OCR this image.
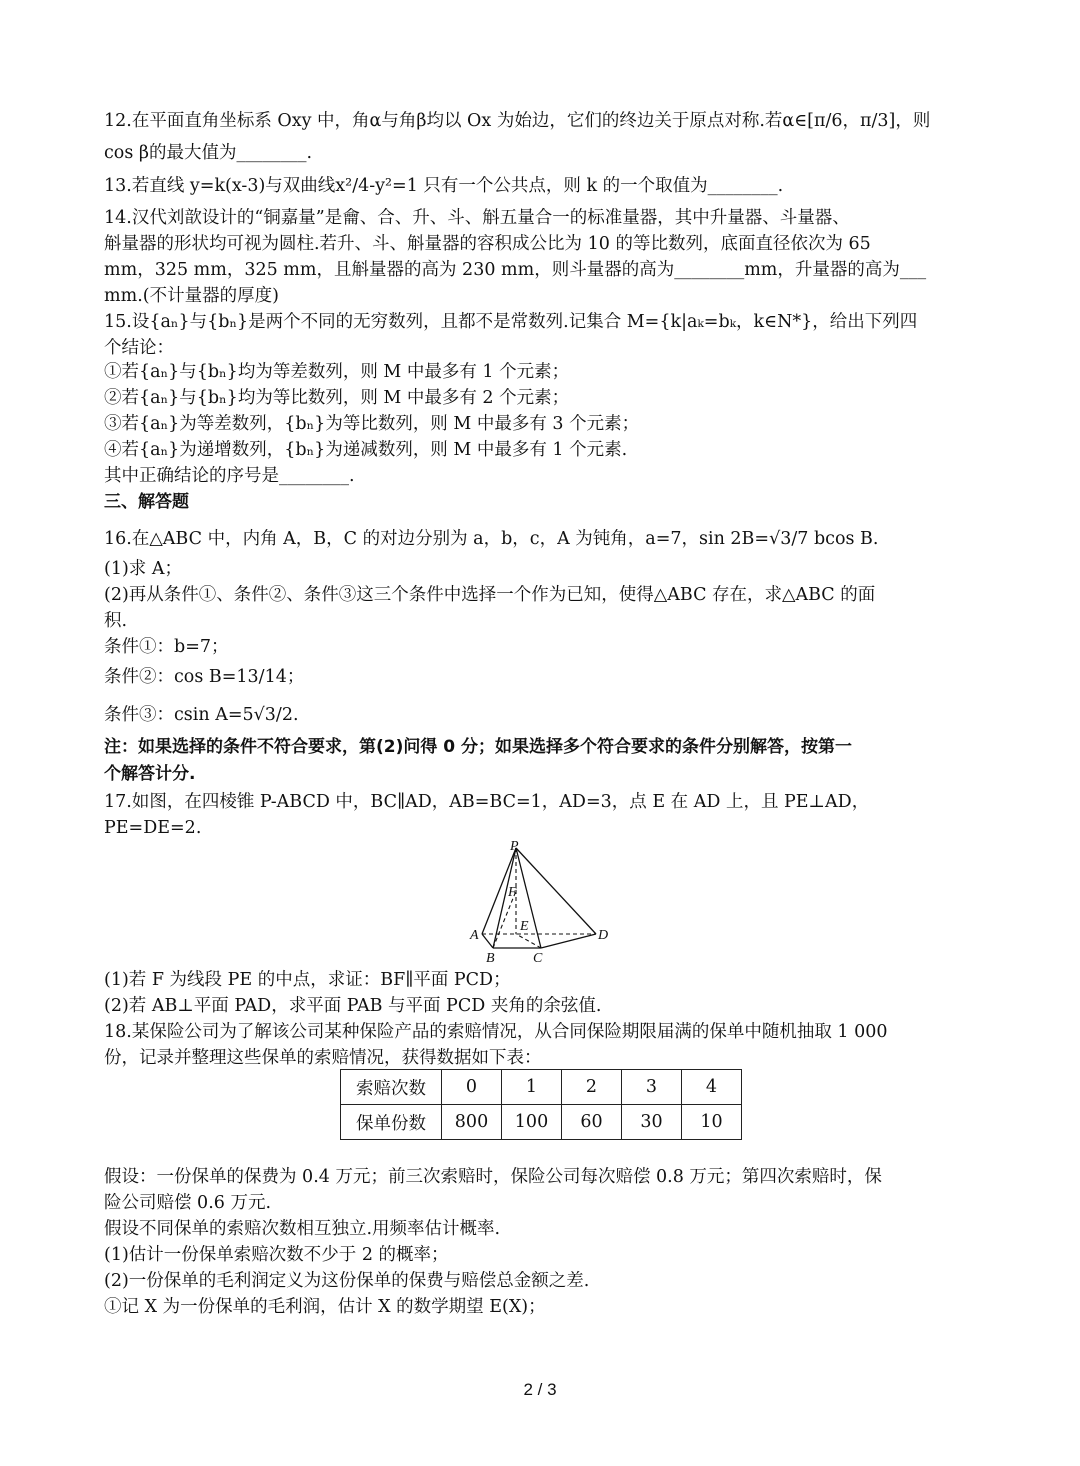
12.在平面直角坐标系 Oxy 中，角α与角β均以 Ox 为始边，它们的终边关于原点对称.若α∈[π/6，π/3]，则
cos β的最大值为________.
13.若直线 y=k(x-3)与双曲线x²/4-y²=1 只有一个公共点，则 k 的一个取值为________.
14.汉代刘歆设计的“铜嘉量”是龠、合、升、斗、斛五量合一的标准量器，其中升量器、斗量器、
斛量器的形状均可视为圆柱.若升、斗、斛量器的容积成公比为 10 的等比数列，底面直径依次为 65
mm，325 mm，325 mm，且斛量器的高为 230 mm，则斗量器的高为________mm，升量器的高为___
mm.(不计量器的厚度)
15.设{aₙ}与{bₙ}是两个不同的无穷数列，且都不是常数列.记集合 M={k|aₖ=bₖ，k∈N*}，给出下列四
个结论：
①若{aₙ}与{bₙ}均为等差数列，则 M 中最多有 1 个元素；
②若{aₙ}与{bₙ}均为等比数列，则 M 中最多有 2 个元素；
③若{aₙ}为等差数列，{bₙ}为等比数列，则 M 中最多有 3 个元素；
④若{aₙ}为递增数列，{bₙ}为递减数列，则 M 中最多有 1 个元素.
其中正确结论的序号是________.
三、解答题
16.在△ABC 中，内角 A，B，C 的对边分别为 a，b，c，A 为钝角，a=7，sin 2B=√3/7 bcos B.
(1)求 A；
(2)再从条件①、条件②、条件③这三个条件中选择一个作为已知，使得△ABC 存在，求△ABC 的面
积.
条件①：b=7；
条件②：cos B=13/14；
条件③：csin A=5√3/2.
注：如果选择的条件不符合要求，第(2)问得 0 分；如果选择多个符合要求的条件分别解答，按第一
个解答计分.
17.如图，在四棱锥 P-ABCD 中，BC∥AD，AB=BC=1，AD=3，点 E 在 AD 上，且 PE⊥AD，
PE=DE=2.
P
F
E
A
B	C
D
(1)若 F 为线段 PE 的中点，求证：BF∥平面 PCD；
(2)若 AB⊥平面 PAD，求平面 PAB 与平面 PCD 夹角的余弦值.
18.某保险公司为了解该公司某种保险产品的索赔情况，从合同保险期限届满的保单中随机抽取 1 000
份，记录并整理这些保单的索赔情况，获得数据如下表：
索赔次数	0	1	2	3	4
保单份数	800	100	60	30	10
假设：一份保单的保费为 0.4 万元；前三次索赔时，保险公司每次赔偿 0.8 万元；第四次索赔时，保
险公司赔偿 0.6 万元.
假设不同保单的索赔次数相互独立.用频率估计概率.
(1)估计一份保单索赔次数不少于 2 的概率；
(2)一份保单的毛利润定义为这份保单的保费与赔偿总金额之差.
①记 X 为一份保单的毛利润，估计 X 的数学期望 E(X)；
2 / 3
